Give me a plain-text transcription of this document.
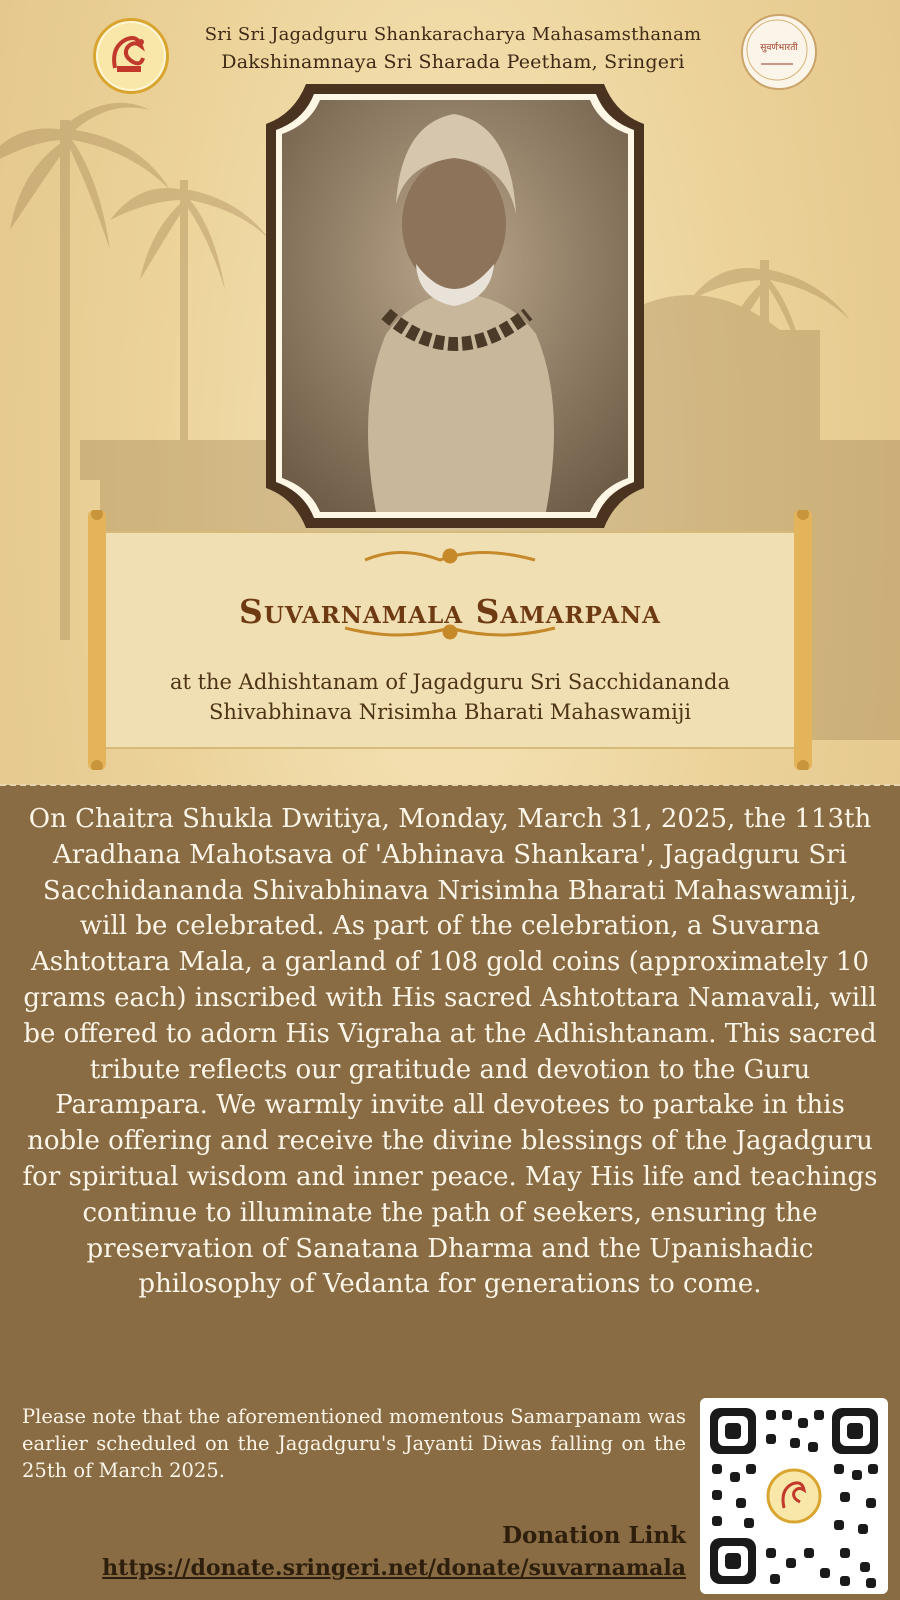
Sri Sri Jagadguru Shankaracharya Mahasamsthanam
Dakshinamnaya Sri Sharada Peetham, Sringeri
सुवर्णभारती
Suvarnamala Samarpana
at the Adhishtanam of Jagadguru Sri Sacchidananda
Shivabhinava Nrisimha Bharati Mahaswamiji
On Chaitra Shukla Dwitiya, Monday, March 31, 2025, the 113th Aradhana Mahotsava of 'Abhinava Shankara', Jagadguru Sri Sacchidananda Shivabhinava Nrisimha Bharati Mahaswamiji, will be celebrated. As part of the celebration, a Suvarna Ashtottara Mala, a garland of 108 gold coins (approximately 10 grams each) inscribed with His sacred Ashtottara Namavali, will be offered to adorn His Vigraha at the Adhishtanam. This sacred tribute reflects our gratitude and devotion to the Guru Parampara. We warmly invite all devotees to partake in this noble offering and receive the divine blessings of the Jagadguru for spiritual wisdom and inner peace. May His life and teachings continue to illuminate the path of seekers, ensuring the preservation of Sanatana Dharma and the Upanishadic philosophy of Vedanta for generations to come.
Please note that the aforementioned momentous Samarpanam was earlier scheduled on the Jagadguru's Jayanti Diwas falling on the 25th of March 2025.
Donation Link
https://donate.sringeri.net/donate/suvarnamala
